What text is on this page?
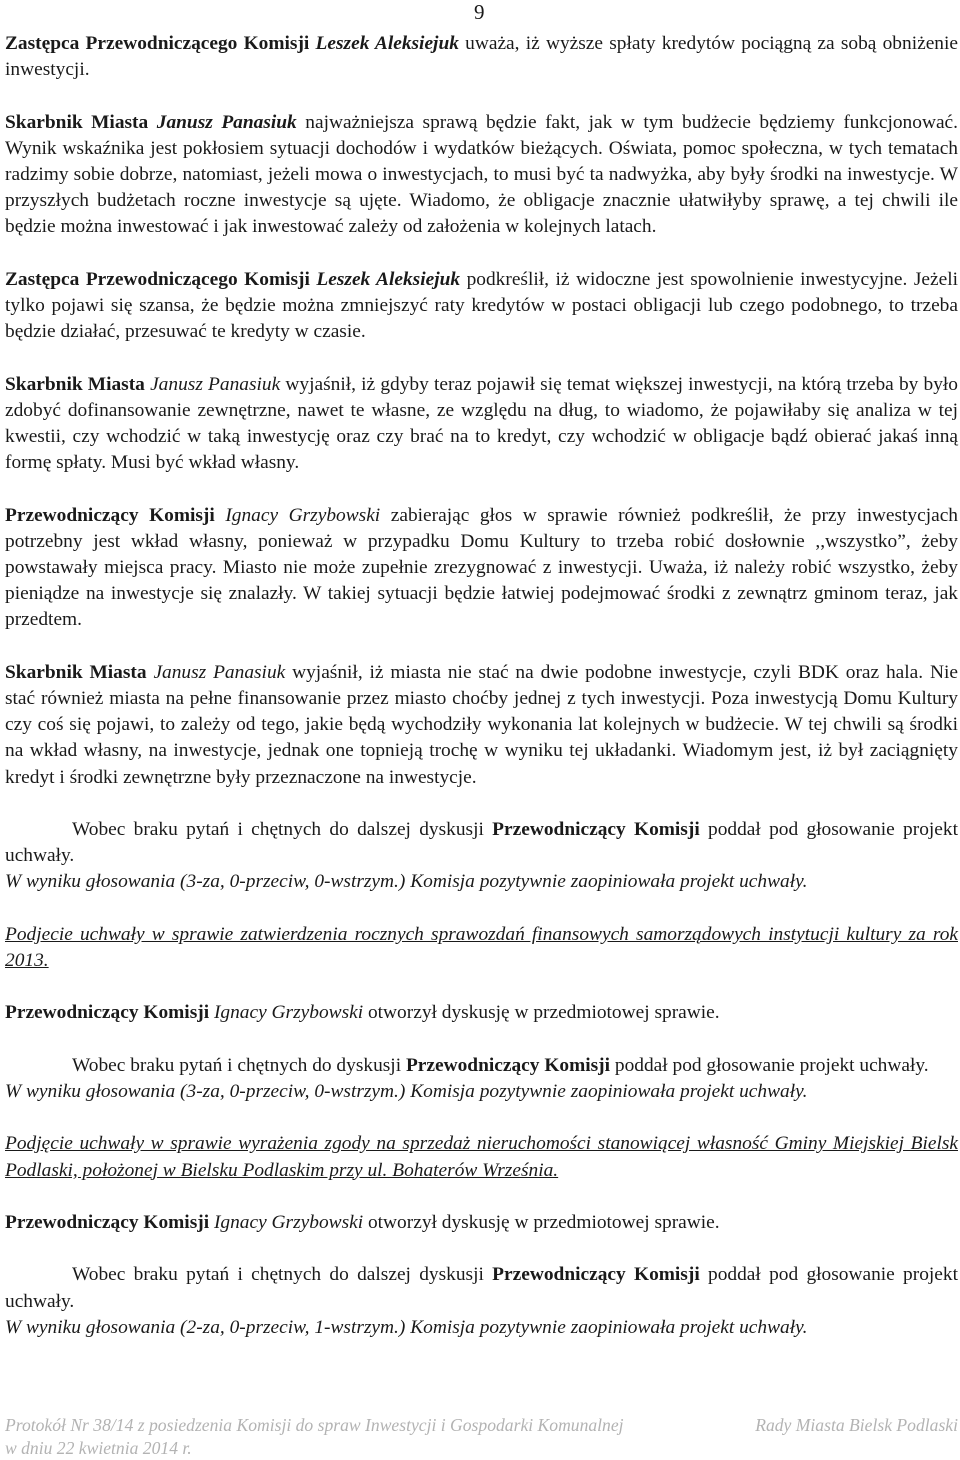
9

Zastępca Przewodniczącego Komisji Leszek Aleksiejuk uważa, iż wyższe spłaty kredytów pociągną za sobą obniżenie inwestycji.

Skarbnik Miasta Janusz Panasiuk najważniejsza sprawą będzie fakt, jak w tym budżecie będziemy funkcjonować. Wynik wskaźnika jest pokłosiem sytuacji dochodów i wydatków bieżących. Oświata, pomoc społeczna, w tych tematach radzimy sobie dobrze, natomiast, jeżeli mowa o inwestycjach, to musi być ta nadwyżka, aby były środki na inwestycje. W przyszłych budżetach roczne inwestycje są ujęte. Wiadomo, że obligacje znacznie ułatwiłyby sprawę, a tej chwili ile będzie można inwestować i jak inwestować zależy od założenia w kolejnych latach.

Zastępca Przewodniczącego Komisji Leszek Aleksiejuk podkreślił, iż widoczne jest spowolnienie inwestycyjne. Jeżeli tylko pojawi się szansa, że będzie można zmniejszyć raty kredytów w postaci obligacji lub czego podobnego, to trzeba będzie działać, przesuwać te kredyty w czasie.

Skarbnik Miasta Janusz Panasiuk wyjaśnił, iż gdyby teraz pojawił się temat większej inwestycji, na którą trzeba by było zdobyć dofinansowanie zewnętrzne, nawet te własne, ze względu na dług, to wiadomo, że pojawiłaby się analiza w tej kwestii, czy wchodzić w taką inwestycję oraz czy brać na to kredyt, czy wchodzić w obligacje bądź obierać jakaś inną formę spłaty. Musi być wkład własny.

Przewodniczący Komisji Ignacy Grzybowski zabierając głos w sprawie również podkreślił, że przy inwestycjach potrzebny jest wkład własny, ponieważ w przypadku Domu Kultury to trzeba robić dosłownie ,,wszystko”, żeby powstawały miejsca pracy. Miasto nie może zupełnie zrezygnować z inwestycji. Uważa, iż należy robić wszystko, żeby pieniądze na inwestycje się znalazły. W takiej sytuacji będzie łatwiej podejmować środki z zewnątrz gminom teraz, jak przedtem.

Skarbnik Miasta Janusz Panasiuk wyjaśnił, iż miasta nie stać na dwie podobne inwestycje, czyli BDK oraz hala. Nie stać również miasta na pełne finansowanie przez miasto choćby jednej z tych inwestycji. Poza inwestycją Domu Kultury czy coś się pojawi, to zależy od tego, jakie będą wychodziły wykonania lat kolejnych w budżecie. W tej chwili są środki na wkład własny, na inwestycje, jednak one topnieją trochę w wyniku tej układanki. Wiadomym jest, iż był zaciągnięty kredyt i środki zewnętrzne były przeznaczone na inwestycje.

Wobec braku pytań i chętnych do dalszej dyskusji Przewodniczący Komisji poddał pod głosowanie projekt uchwały.

W wyniku głosowania (3-za, 0-przeciw, 0-wstrzym.) Komisja pozytywnie zaopiniowała projekt uchwały.

Podjecie uchwały w sprawie zatwierdzenia rocznych sprawozdań finansowych samorządowych instytucji kultury za rok 2013.

Przewodniczący Komisji Ignacy Grzybowski otworzył dyskusję w przedmiotowej sprawie.

Wobec braku pytań i chętnych do dyskusji Przewodniczący Komisji poddał pod głosowanie projekt uchwały.

W wyniku głosowania (3-za, 0-przeciw, 0-wstrzym.) Komisja pozytywnie zaopiniowała projekt uchwały.

Podjęcie uchwały w sprawie wyrażenia zgody na sprzedaż nieruchomości stanowiącej własność Gminy Miejskiej Bielsk Podlaski, położonej w Bielsku Podlaskim przy ul. Bohaterów Września.

Przewodniczący Komisji Ignacy Grzybowski otworzył dyskusję w przedmiotowej sprawie.

Wobec braku pytań i chętnych do dalszej dyskusji Przewodniczący Komisji poddał pod głosowanie projekt uchwały.

W wyniku głosowania (2-za, 0-przeciw, 1-wstrzym.) Komisja pozytywnie zaopiniowała projekt uchwały.

Protokół Nr 38/14 z posiedzenia Komisji do spraw Inwestycji i Gospodarki Komunalnej	Rady Miasta Bielsk Podlaski
w dniu 22 kwietnia 2014 r.
